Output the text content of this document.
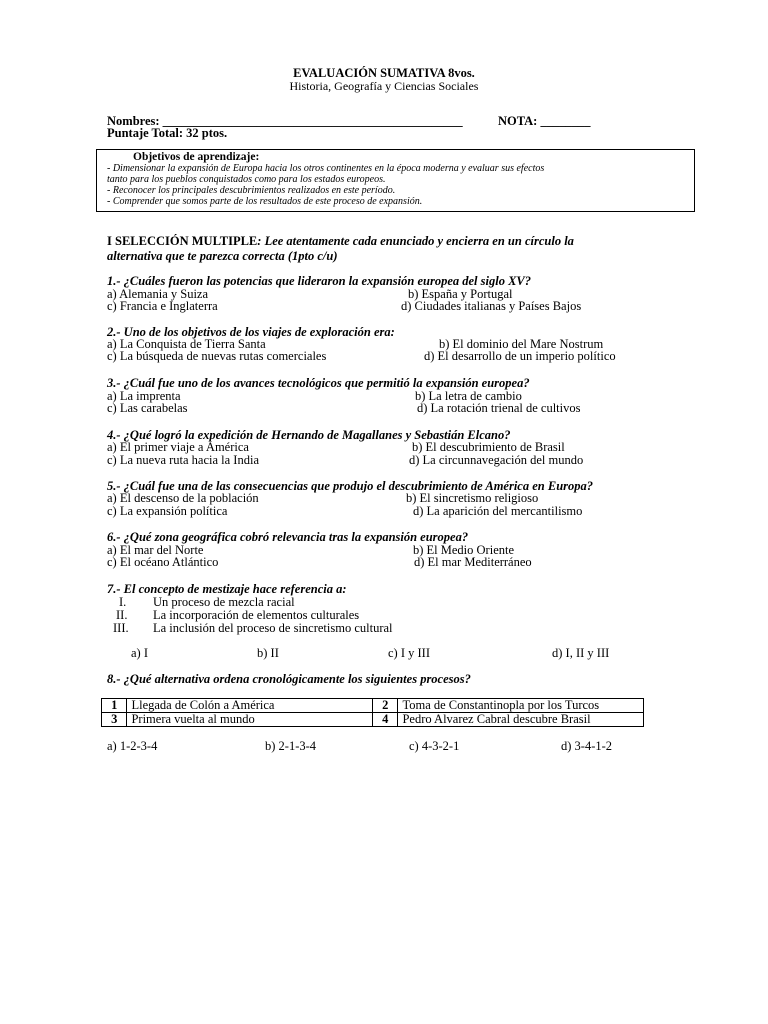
EVALUACIÓN SUMATIVA 8vos.
Historia, Geografía y Ciencias Sociales
Nombres: ________________________________________________	NOTA: ________
Puntaje Total: 32 ptos.
Objetivos de aprendizaje:
- Dimensionar la expansión de Europa hacia los otros continentes en la época moderna y evaluar sus efectos
tanto para los pueblos conquistados como para los estados europeos.
- Reconocer los principales descubrimientos realizados en este período.
- Comprender que somos parte de los resultados de este proceso de expansión.
I SELECCIÓN MULTIPLE: Lee atentamente cada enunciado y encierra en un círculo la
alternativa que te parezca correcta (1pto c/u)
1.- ¿Cuáles fueron las potencias que lideraron la expansión europea del siglo XV?
a) Alemania y Suiza	b) España y Portugal
c) Francia e Inglaterra	d) Ciudades italianas y Países Bajos
2.- Uno de los objetivos de los viajes de exploración era:
a) La Conquista de Tierra Santa	b) El dominio del Mare Nostrum
c) La búsqueda de nuevas rutas comerciales	d) El desarrollo de un imperio político
3.- ¿Cuál fue uno de los avances tecnológicos que permitió la expansión europea?
a) La imprenta	b) La letra de cambio
c) Las carabelas	d) La rotación trienal de cultivos
4.- ¿Qué logró la expedición de Hernando de Magallanes y Sebastián Elcano?
a) El primer viaje a América	b) El descubrimiento de Brasil
c) La nueva ruta hacia la India	d) La circunnavegación del mundo
5.- ¿Cuál fue una de las consecuencias que produjo el descubrimiento de América en Europa?
a) El descenso de la población	b) El sincretismo religioso
c) La expansión política	d) La aparición del mercantilismo
6.- ¿Qué zona geográfica cobró relevancia tras la expansión europea?
a) El mar del Norte	b) El Medio Oriente
c) El océano Atlántico	d) El mar Mediterráneo
7.- El concepto de mestizaje hace referencia a:
I. Un proceso de mezcla racial
II. La incorporación de elementos culturales
III. La inclusión del proceso de sincretismo cultural
a) I	b) II	c) I y III	d) I, II y III
8.- ¿Qué alternativa ordena cronológicamente los siguientes procesos?
1	Llegada de Colón a América	2	Toma de Constantinopla por los Turcos
3	Primera vuelta al mundo	4	Pedro Alvarez Cabral descubre Brasil
a) 1-2-3-4	b) 2-1-3-4	c) 4-3-2-1	d) 3-4-1-2
